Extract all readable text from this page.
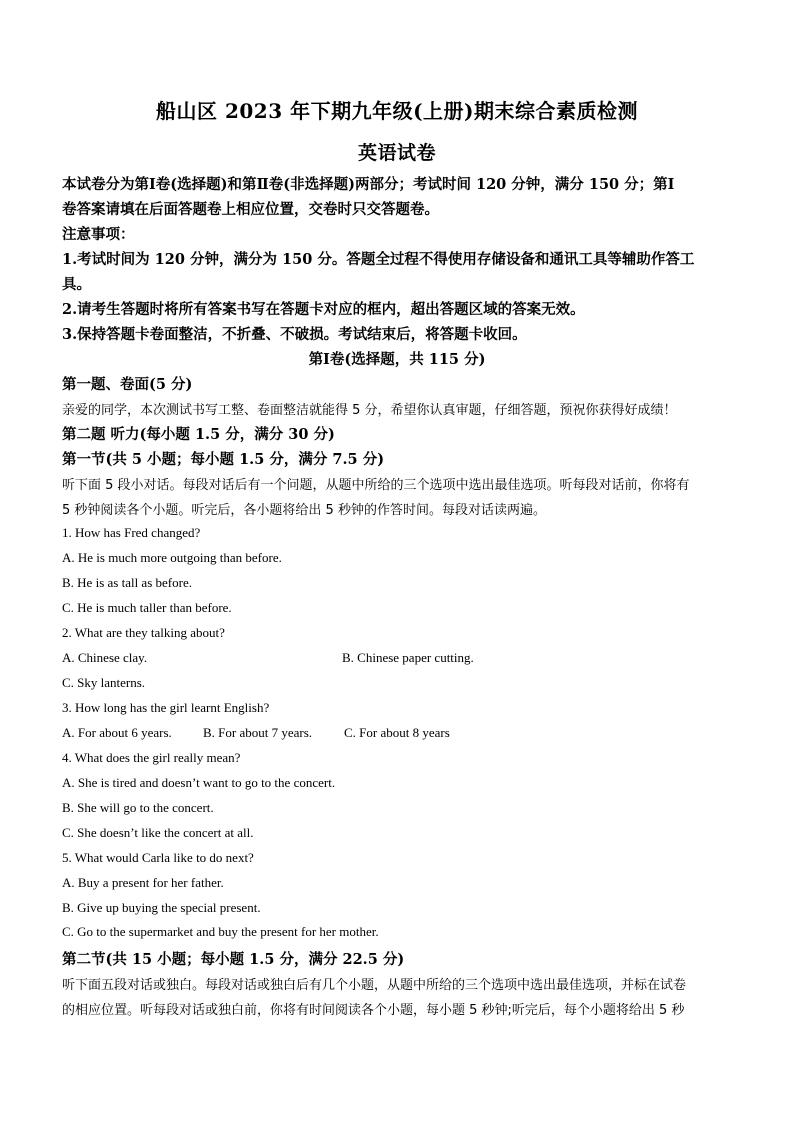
船山区 2023 年下期九年级(上册)期末综合素质检测
英语试卷
本试卷分为第Ⅰ卷(选择题)和第Ⅱ卷(非选择题)两部分；考试时间 120 分钟，满分 150 分；第Ⅰ
卷答案请填在后面答题卷上相应位置，交卷时只交答题卷。
注意事项：
1.考试时间为 120 分钟，满分为 150 分。答题全过程不得使用存储设备和通讯工具等辅助作答工
具。
2.请考生答题时将所有答案书写在答题卡对应的框内，超出答题区域的答案无效。
3.保持答题卡卷面整洁，不折叠、不破损。考试结束后，将答题卡收回。
第Ⅰ卷(选择题，共 115 分)
第一题、卷面(5 分)
亲爱的同学，本次测试书写工整、卷面整洁就能得 5 分，希望你认真审题，仔细答题，预祝你获得好成绩！
第二题 听力(每小题 1.5 分，满分 30 分)
第一节(共 5 小题；每小题 1.5 分，满分 7.5 分)
听下面 5 段小对话。每段对话后有一个问题，从题中所给的三个选项中选出最佳选项。听每段对话前，你将有
5 秒钟阅读各个小题。听完后，各小题将给出 5 秒钟的作答时间。每段对话读两遍。
1. How has Fred changed?
A. He is much more outgoing than before.
B. He is as tall as before.
C. He is much taller than before.
2. What are they talking about?
A. Chinese clay.	B. Chinese paper cutting.
C. Sky lanterns.
3. How long has the girl learnt English?
A. For about 6 years. B. For about 7 years. C. For about 8 years
4. What does the girl really mean?
A. She is tired and doesn’t want to go to the concert.
B. She will go to the concert.
C. She doesn’t like the concert at all.
5. What would Carla like to do next?
A. Buy a present for her father.
B. Give up buying the special present.
C. Go to the supermarket and buy the present for her mother.
第二节(共 15 小题；每小题 1.5 分，满分 22.5 分)
听下面五段对话或独白。每段对话或独白后有几个小题，从题中所给的三个选项中选出最佳选项，并标在试卷
的相应位置。听每段对话或独白前，你将有时间阅读各个小题，每小题 5 秒钟;听完后，每个小题将给出 5 秒
